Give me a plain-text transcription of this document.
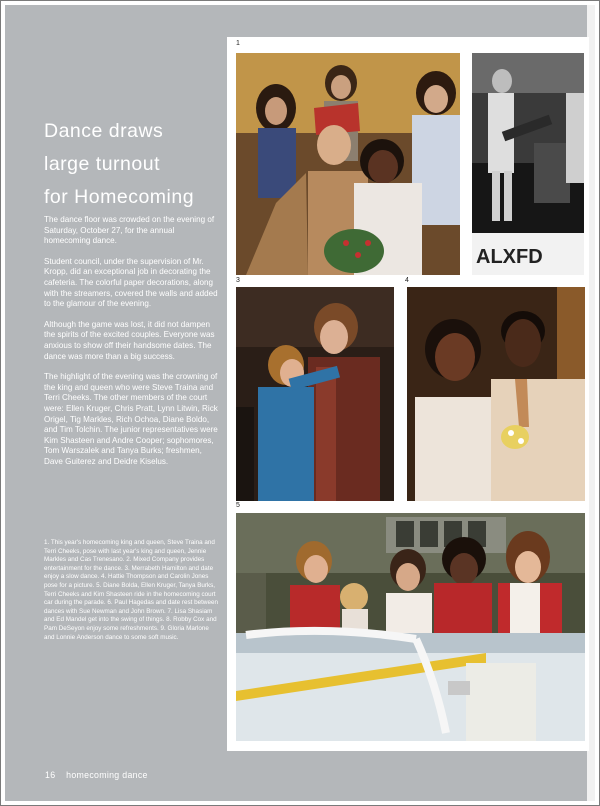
Dance draws
large turnout
for Homecoming

The dance floor was crowded on the evening of Saturday, October 27, for the annual homecoming dance.

Student council, under the supervision of Mr. Kropp, did an exceptional job in decorating the cafeteria. The colorful paper decorations, along with the streamers, covered the walls and added to the glamour of the evening.

Although the game was lost, it did not dampen the spirits of the excited couples. Everyone was anxious to show off their handsome dates. The dance was more than a big success.

The highlight of the evening was the crowning of the king and queen who were Steve Traina and Terri Cheeks. The other members of the court were: Ellen Kruger, Chris Pratt, Lynn Litwin, Rick Origel, Tig Markles, Rich Ochoa, Diane Boldo, and Tim Tolchin. The junior representatives were Kim Shasteen and Andre Cooper; sophomores, Tom Warszalek and Tanya Burks; freshmen, Dave Guiterez and Deidre Kiselus.

1. This year's homecoming king and queen, Steve Traina and Terri Cheeks, pose with last year's king and queen, Jennie Markles and Cas Trenesano. 2. Mixed Company provides entertainment for the dance. 3. Merrabeth Hamilton and date enjoy a slow dance. 4. Hattie Thompson and Carolin Jones pose for a picture. 5. Diane Bolda, Ellen Kruger, Tanya Burks, Terri Cheeks and Kim Shasteen ride in the homecoming court car during the parade. 6. Paul Hagedas and date rest between dances with Sue Newman and John Brown. 7. Lisa Shasiam and Ed Mandel get into the swing of things. 8. Robby Cox and Pam DeSeyon enjoy some refreshments. 9. Gloria Marlone and Lonnie Anderson dance to some soft music.
16 homecoming dance
1
3	4
5
ALXFD
